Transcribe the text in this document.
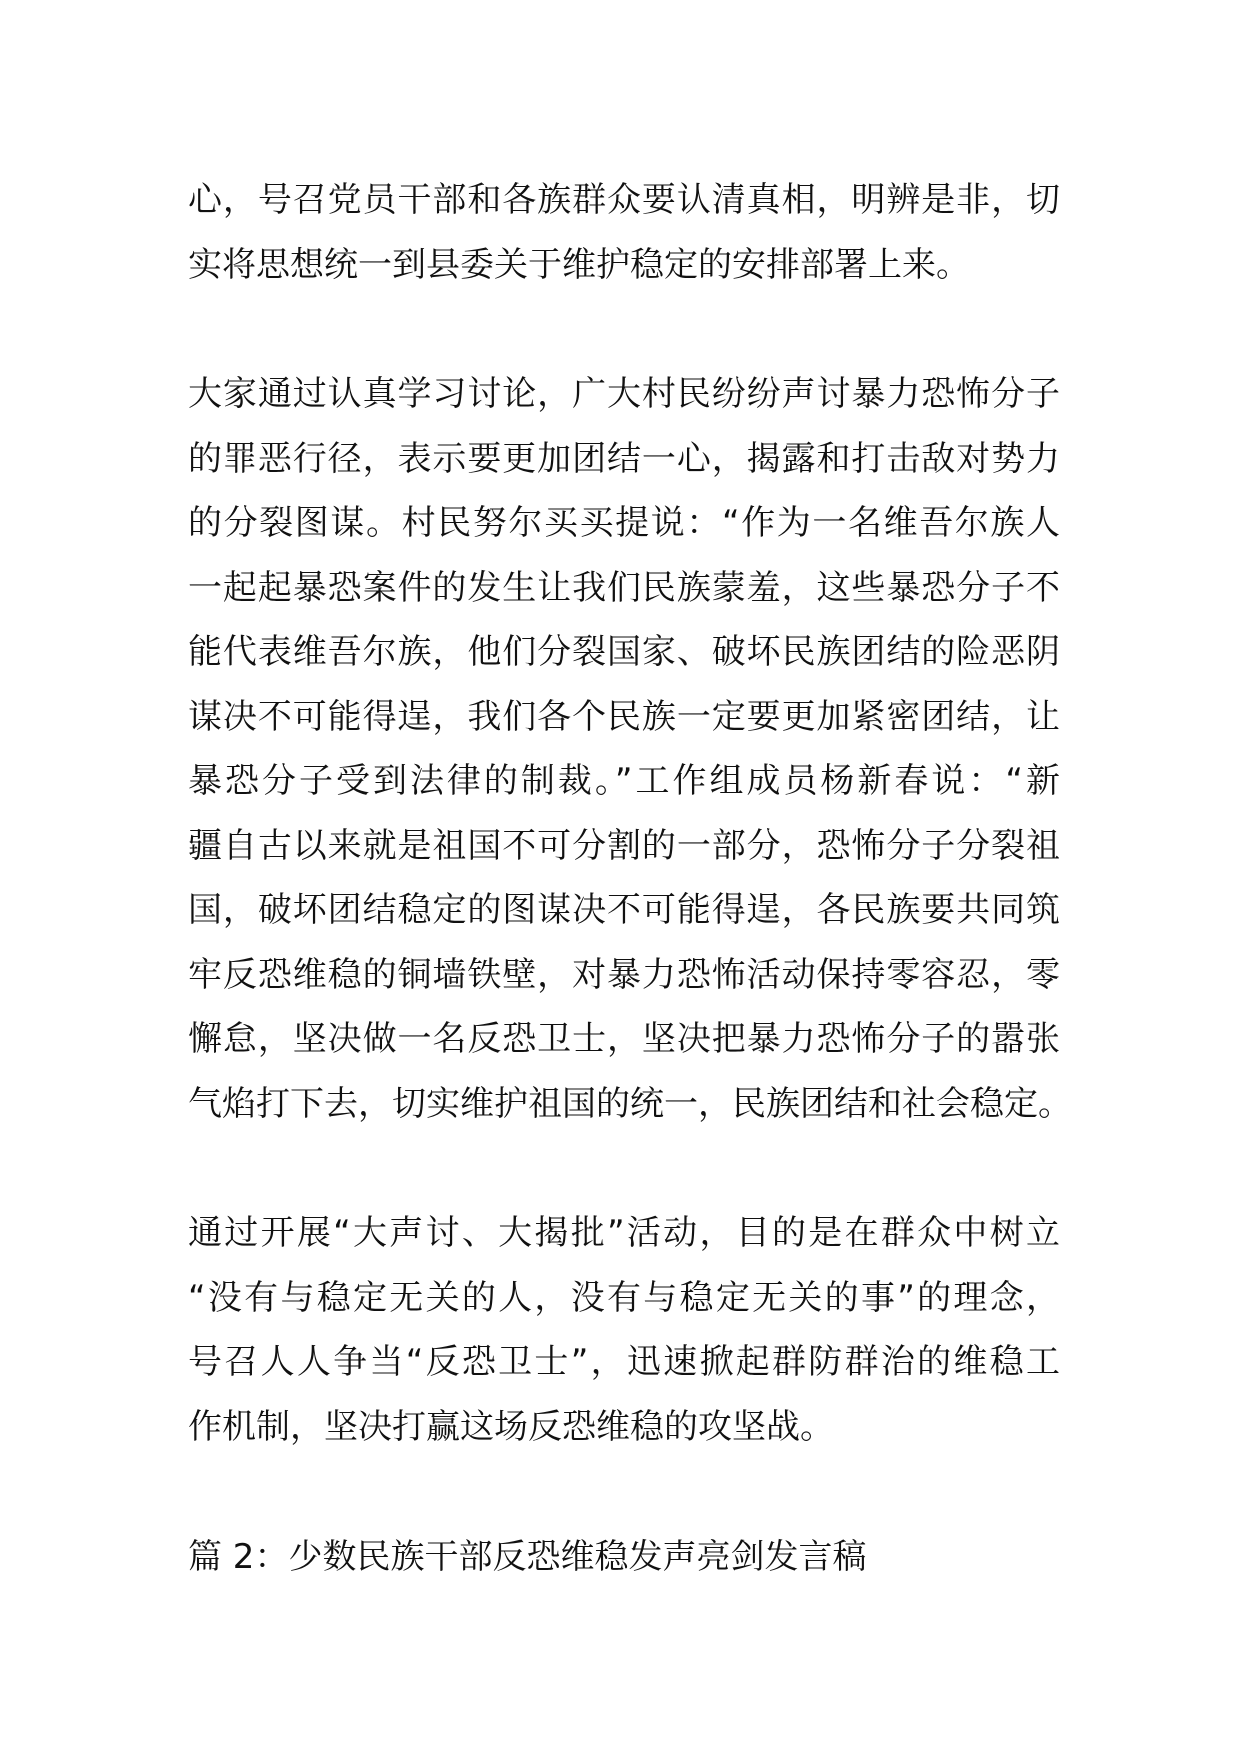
心，号召党员干部和各族群众要认清真相，明辨是非，切
实将思想统一到县委关于维护稳定的安排部署上来。
大家通过认真学习讨论，广大村民纷纷声讨暴力恐怖分子
的罪恶行径，表示要更加团结一心，揭露和打击敌对势力
的分裂图谋。村民努尔买买提说：“作为一名维吾尔族人
一起起暴恐案件的发生让我们民族蒙羞，这些暴恐分子不
能代表维吾尔族，他们分裂国家、破坏民族团结的险恶阴
谋决不可能得逞，我们各个民族一定要更加紧密团结，让
暴恐分子受到法律的制裁。”工作组成员杨新春说：“新
疆自古以来就是祖国不可分割的一部分，恐怖分子分裂祖
国，破坏团结稳定的图谋决不可能得逞，各民族要共同筑
牢反恐维稳的铜墙铁壁，对暴力恐怖活动保持零容忍，零
懈怠，坚决做一名反恐卫士，坚决把暴力恐怖分子的嚣张
气焰打下去，切实维护祖国的统一，民族团结和社会稳定。
通过开展“大声讨、大揭批”活动，目的是在群众中树立
“没有与稳定无关的人，没有与稳定无关的事”的理念，
号召人人争当“反恐卫士”，迅速掀起群防群治的维稳工
作机制，坚决打赢这场反恐维稳的攻坚战。
篇 2：少数民族干部反恐维稳发声亮剑发言稿
